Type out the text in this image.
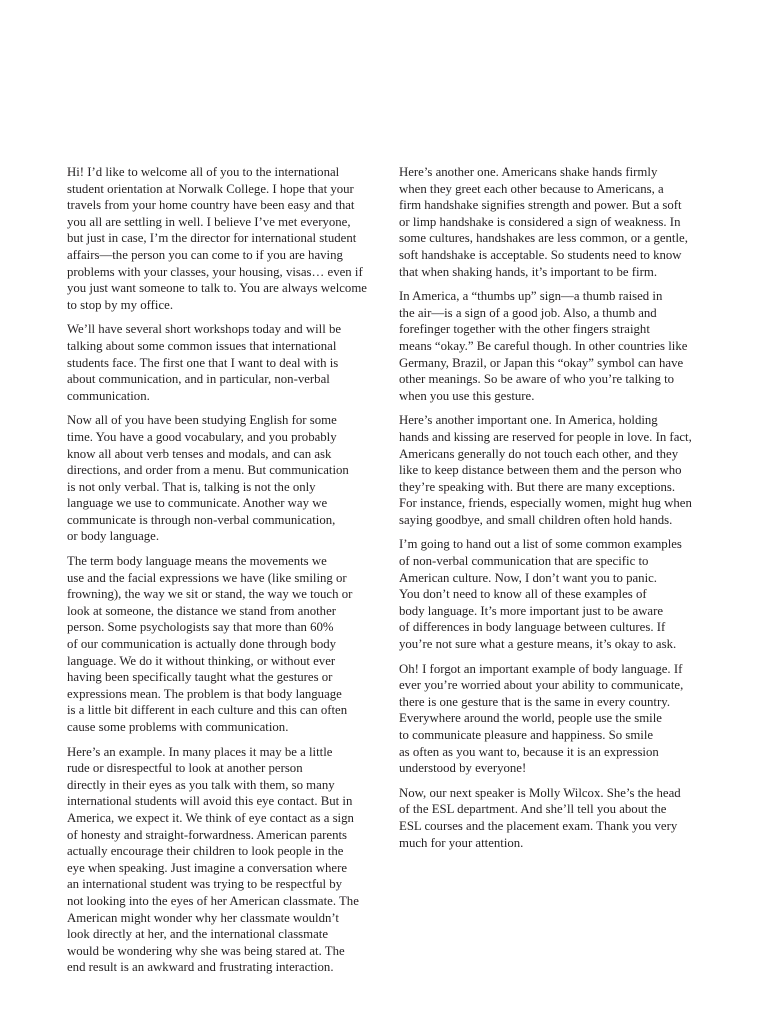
Hi! I’d like to welcome all of you to the international
student orientation at Norwalk College. I hope that your
travels from your home country have been easy and that
you all are settling in well. I believe I’ve met everyone,
but just in case, I’m the director for international student
affairs—the person you can come to if you are having
problems with your classes, your housing, visas… even if
you just want someone to talk to. You are always welcome
to stop by my office.

We’ll have several short workshops today and will be
talking about some common issues that international
students face. The first one that I want to deal with is
about communication, and in particular, non-verbal
communication.

Now all of you have been studying English for some
time. You have a good vocabulary, and you probably
know all about verb tenses and modals, and can ask
directions, and order from a menu. But communication
is not only verbal. That is, talking is not the only
language we use to communicate. Another way we
communicate is through non-verbal communication,
or body language.

The term body language means the movements we
use and the facial expressions we have (like smiling or
frowning), the way we sit or stand, the way we touch or
look at someone, the distance we stand from another
person. Some psychologists say that more than 60%
of our communication is actually done through body
language. We do it without thinking, or without ever
having been specifically taught what the gestures or
expressions mean. The problem is that body language
is a little bit different in each culture and this can often
cause some problems with communication.

Here’s an example. In many places it may be a little
rude or disrespectful to look at another person
directly in their eyes as you talk with them, so many
international students will avoid this eye contact. But in
America, we expect it. We think of eye contact as a sign
of honesty and straight-forwardness. American parents
actually encourage their children to look people in the
eye when speaking. Just imagine a conversation where
an international student was trying to be respectful by
not looking into the eyes of her American classmate. The
American might wonder why her classmate wouldn’t
look directly at her, and the international classmate
would be wondering why she was being stared at. The
end result is an awkward and frustrating interaction.

Here’s another one. Americans shake hands firmly
when they greet each other because to Americans, a
firm handshake signifies strength and power. But a soft
or limp handshake is considered a sign of weakness. In
some cultures, handshakes are less common, or a gentle,
soft handshake is acceptable. So students need to know
that when shaking hands, it’s important to be firm.

In America, a “thumbs up” sign—a thumb raised in
the air—is a sign of a good job. Also, a thumb and
forefinger together with the other fingers straight
means “okay.” Be careful though. In other countries like
Germany, Brazil, or Japan this “okay” symbol can have
other meanings. So be aware of who you’re talking to
when you use this gesture.

Here’s another important one. In America, holding
hands and kissing are reserved for people in love. In fact,
Americans generally do not touch each other, and they
like to keep distance between them and the person who
they’re speaking with. But there are many exceptions.
For instance, friends, especially women, might hug when
saying goodbye, and small children often hold hands.

I’m going to hand out a list of some common examples
of non-verbal communication that are specific to
American culture. Now, I don’t want you to panic.
You don’t need to know all of these examples of
body language. It’s more important just to be aware
of differences in body language between cultures. If
you’re not sure what a gesture means, it’s okay to ask.

Oh! I forgot an important example of body language. If
ever you’re worried about your ability to communicate,
there is one gesture that is the same in every country.
Everywhere around the world, people use the smile
to communicate pleasure and happiness. So smile
as often as you want to, because it is an expression
understood by everyone!

Now, our next speaker is Molly Wilcox. She’s the head
of the ESL department. And she’ll tell you about the
ESL courses and the placement exam. Thank you very
much for your attention.
